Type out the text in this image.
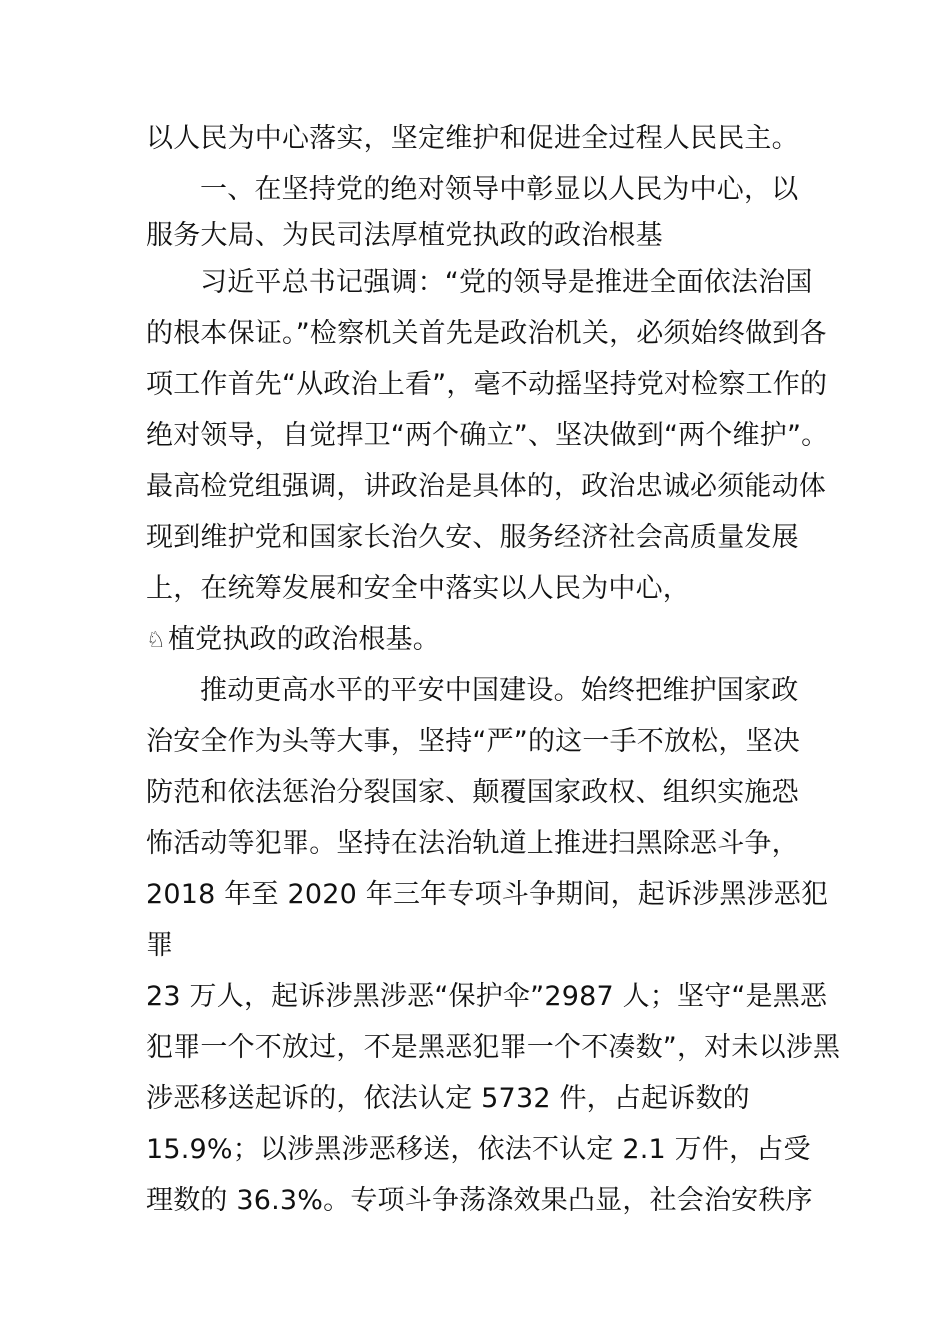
以人民为中心落实，坚定维护和促进全过程人民民主。
一、在坚持党的绝对领导中彰显以人民为中心，以
服务大局、为民司法厚植党执政的政治根基
习近平总书记强调：“党的领导是推进全面依法治国
的根本保证。”检察机关首先是政治机关，必须始终做到各
项工作首先“从政治上看”，毫不动摇坚持党对检察工作的
绝对领导，自觉捍卫“两个确立”、坚决做到“两个维护”。
最高检党组强调，讲政治是具体的，政治忠诚必须能动体
现到维护党和国家长治久安、服务经济社会高质量发展
上，在统筹发展和安全中落实以人民为中心，
♘植党执政的政治根基。
推动更高水平的平安中国建设。始终把维护国家政
治安全作为头等大事，坚持“严”的这一手不放松，坚决
防范和依法惩治分裂国家、颠覆国家政权、组织实施恐
怖活动等犯罪。坚持在法治轨道上推进扫黑除恶斗争，
2018 年至 2020 年三年专项斗争期间，起诉涉黑涉恶犯
罪
23 万人，起诉涉黑涉恶“保护伞”2987 人；坚守“是黑恶
犯罪一个不放过，不是黑恶犯罪一个不凑数”，对未以涉黑
涉恶移送起诉的，依法认定 5732 件，占起诉数的
15.9%；以涉黑涉恶移送，依法不认定 2.1 万件，占受
理数的 36.3%。专项斗争荡涤效果凸显，社会治安秩序
